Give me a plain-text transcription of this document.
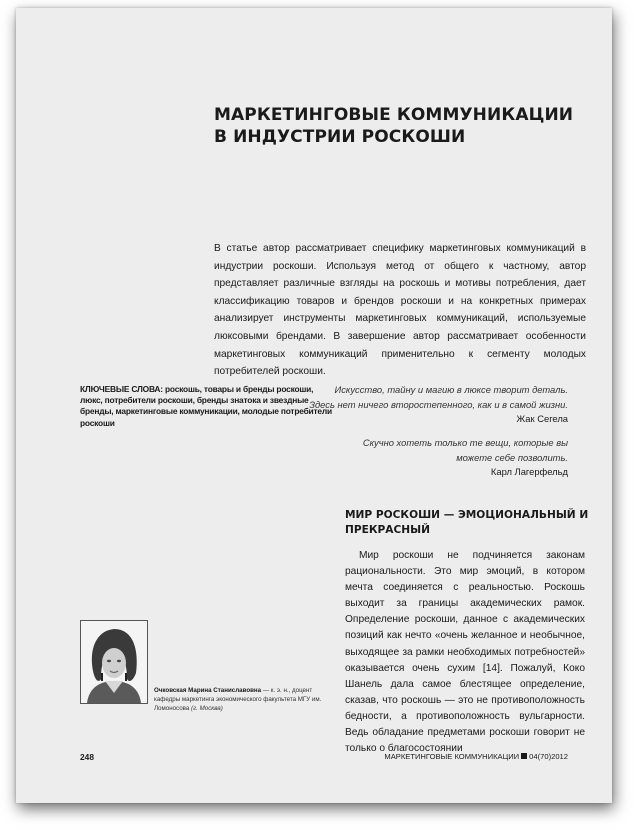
МАРКЕТИНГОВЫЕ КОММУНИКАЦИИ
В ИНДУСТРИИ РОСКОШИ
В статье автор рассматривает специфику маркетинговых коммуникаций в индустрии роскоши. Используя метод от общего к частному, автор представляет различные взгляды на роскошь и мотивы потребления, дает классификацию товаров и брендов роскоши и на конкретных примерах анализирует инструменты маркетинговых коммуникаций, используемые люксовыми брендами. В завершение автор рассматривает особенности маркетинговых коммуникаций применительно к сегменту молодых потребителей роскоши.
КЛЮЧЕВЫЕ СЛОВА: роскошь, товары и бренды роскоши, люкс, потребители роскоши, бренды знатока и звездные бренды, маркетинговые коммуникации, молодые потребители роскоши
Искусство, тайну и магию в люксе творит деталь. Здесь нет ничего второстепенного, как и в самой жизни.
Жак Сегела
Скучно хотеть только те вещи, которые вы можете себе позволить.
Карл Лагерфельд
МИР РОСКОШИ — ЭМОЦИОНАЛЬНЫЙ И ПРЕКРАСНЫЙ

Мир роскоши не подчиняется законам рациональности. Это мир эмоций, в котором мечта соединяется с реальностью. Роскошь выходит за границы академических рамок. Определение роскоши, данное с академических позиций как нечто «очень желанное и необычное, выходящее за рамки необходимых потребностей» оказывается очень сухим [14]. Пожалуй, Коко Шанель дала самое блестящее определение, сказав, что роскошь — это не противоположность бедности, а противоположность вульгарности. Ведь обладание предметами роскоши говорит не только о благосостоянии

Очковская Марина Станиславовна — к. э. н., доцент кафедры маркетинга экономического факультета МГУ им. Ломоносова (г. Москва)
248	МАРКЕТИНГОВЫЕ КОММУНИКАЦИИ 04(70)2012
